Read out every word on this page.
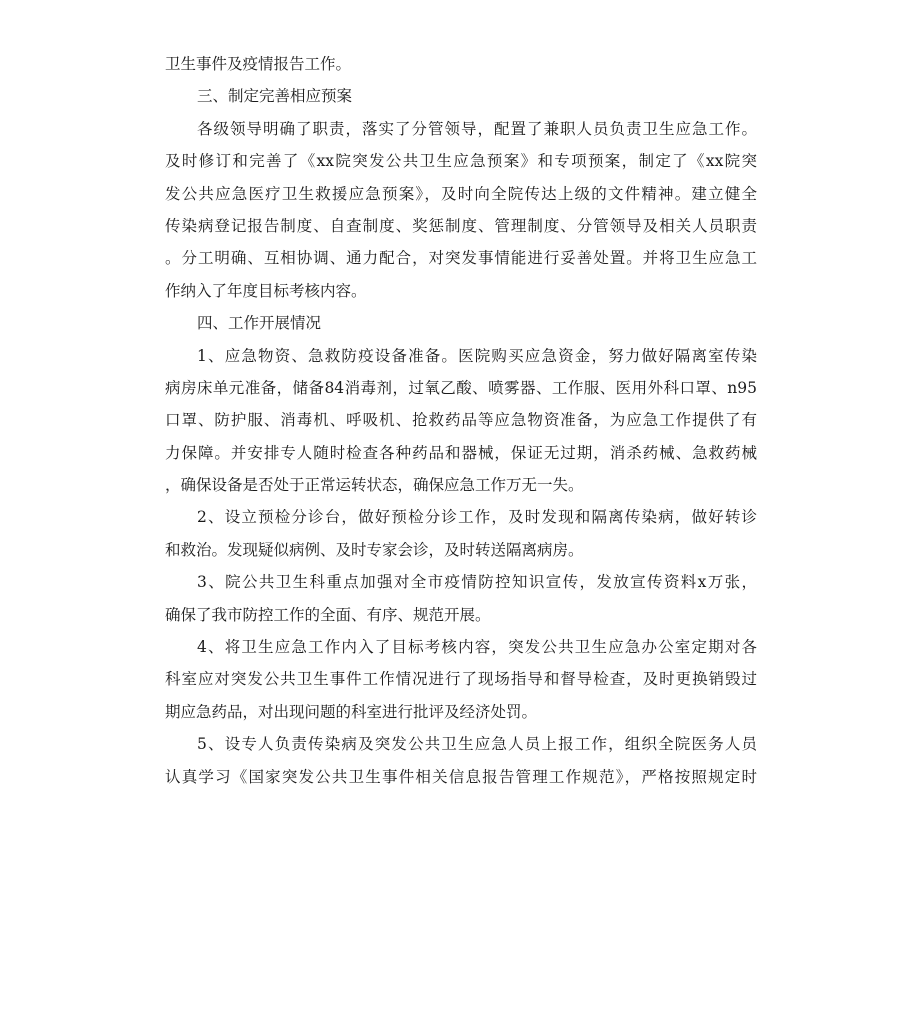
卫生事件及疫情报告工作。
三、制定完善相应预案
各级领导明确了职责，落实了分管领导，配置了兼职人员负责卫生应急工作。
及时修订和完善了《xx院突发公共卫生应急预案》和专项预案，制定了《xx院突
发公共应急医疗卫生救援应急预案》，及时向全院传达上级的文件精神。建立健全
传染病登记报告制度、自查制度、奖惩制度、管理制度、分管领导及相关人员职责
。分工明确、互相协调、通力配合，对突发事情能进行妥善处置。并将卫生应急工
作纳入了年度目标考核内容。
四、工作开展情况
1、应急物资、急救防疫设备准备。医院购买应急资金，努力做好隔离室传染
病房床单元准备，储备84消毒剂，过氧乙酸、喷雾器、工作服、医用外科口罩、n95
口罩、防护服、消毒机、呼吸机、抢救药品等应急物资准备，为应急工作提供了有
力保障。并安排专人随时检查各种药品和器械，保证无过期，消杀药械、急救药械
，确保设备是否处于正常运转状态，确保应急工作万无一失。
2、设立预检分诊台，做好预检分诊工作，及时发现和隔离传染病，做好转诊
和救治。发现疑似病例、及时专家会诊，及时转送隔离病房。
3、院公共卫生科重点加强对全市疫情防控知识宣传，发放宣传资料x万张，
确保了我市防控工作的全面、有序、规范开展。
4、将卫生应急工作内入了目标考核内容，突发公共卫生应急办公室定期对各
科室应对突发公共卫生事件工作情况进行了现场指导和督导检查，及时更换销毁过
期应急药品，对出现问题的科室进行批评及经济处罚。
5、设专人负责传染病及突发公共卫生应急人员上报工作，组织全院医务人员
认真学习《国家突发公共卫生事件相关信息报告管理工作规范》，严格按照规定时
